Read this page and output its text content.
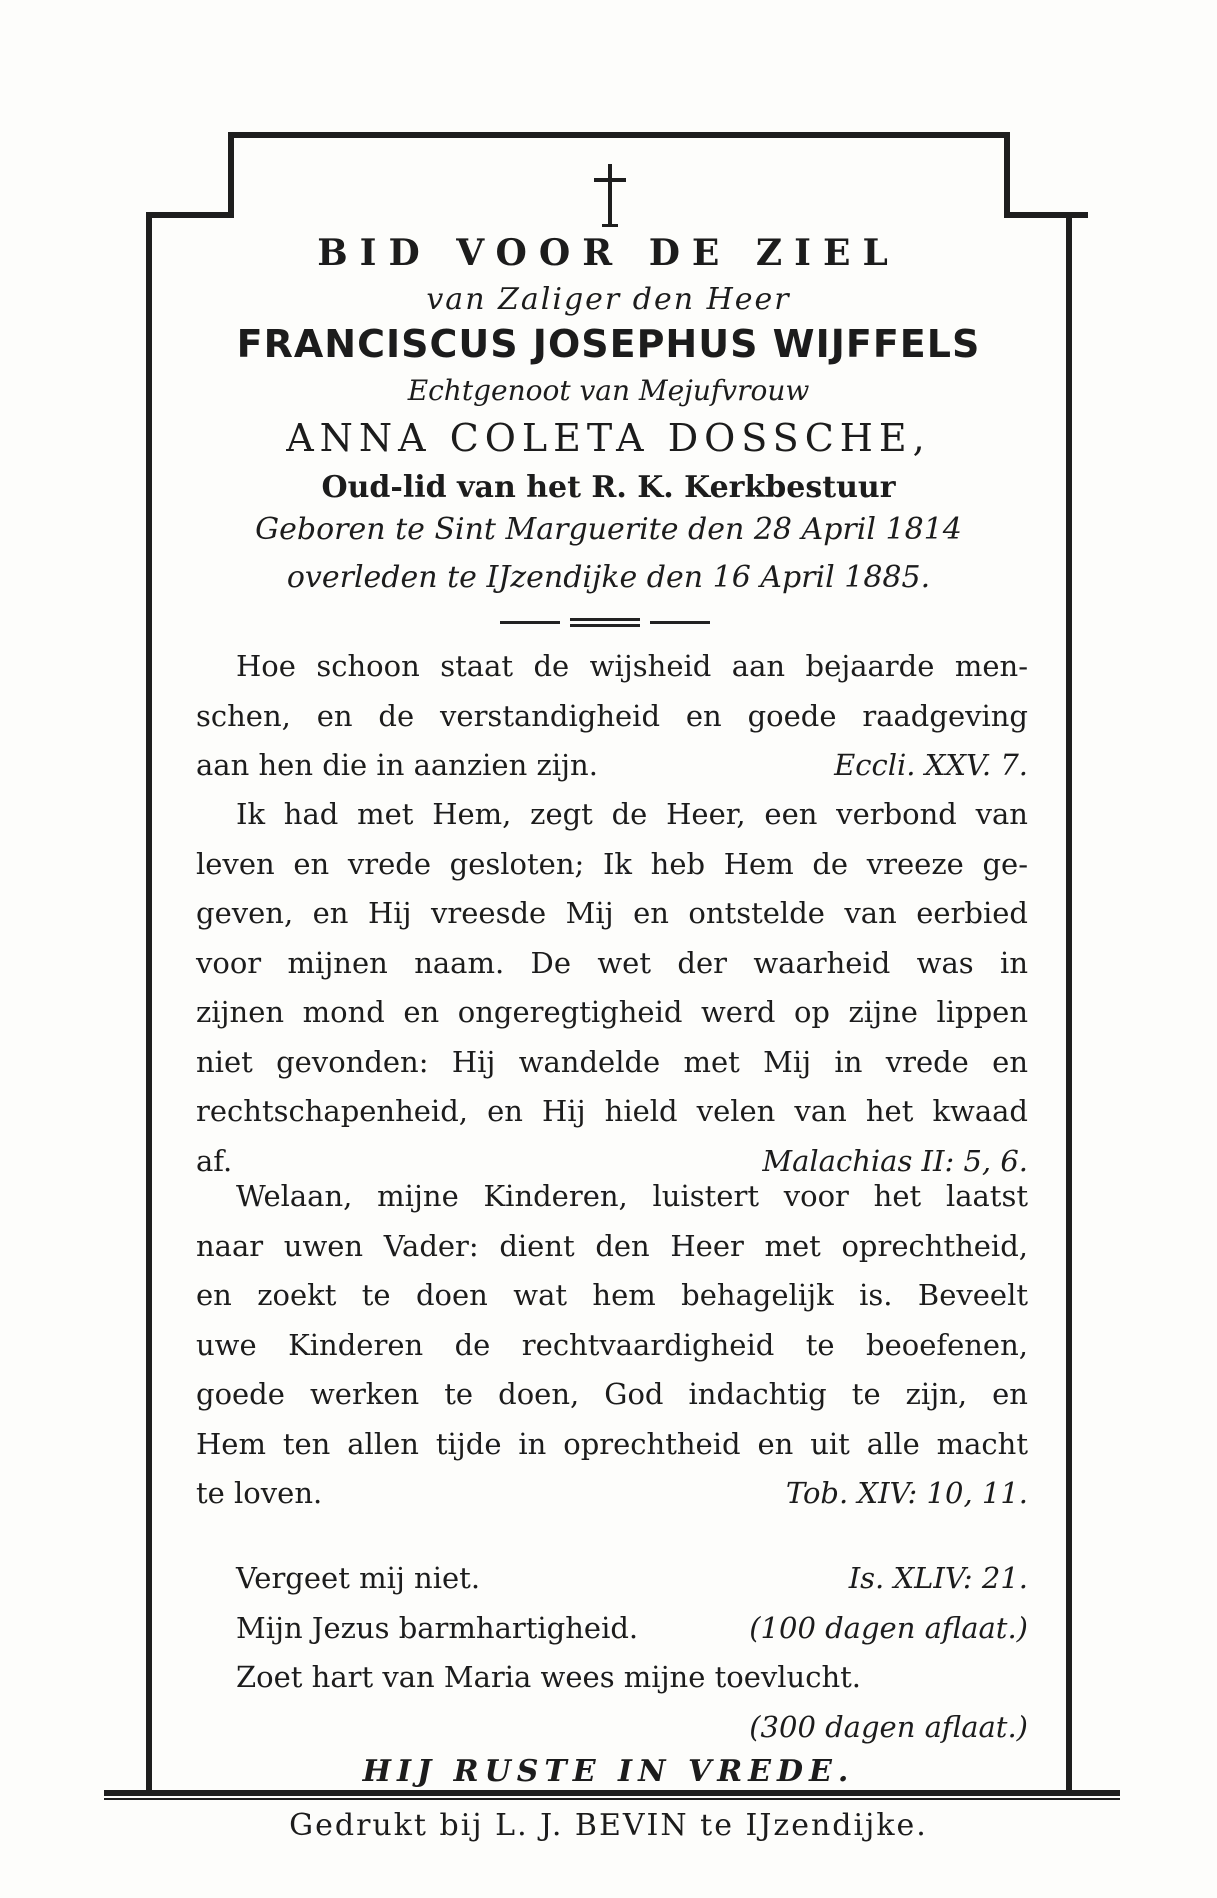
BID VOOR DE ZIEL
van Zaliger den Heer
FRANCISCUS JOSEPHUS WIJFFELS
Echtgenoot van Mejufvrouw
ANNA COLETA DOSSCHE,
Oud-lid van het R. K. Kerkbestuur
Geboren te Sint Marguerite den 28 April 1814
overleden te IJzendijke den 16 April 1885.
Hoe schoon staat de wijsheid aan bejaarde men-
schen, en de verstandigheid en goede raadgeving
aan hen die in aanzien zijn.	Eccli. XXV. 7.
Ik had met Hem, zegt de Heer, een verbond van
leven en vrede gesloten; Ik heb Hem de vreeze ge-
geven, en Hij vreesde Mij en ontstelde van eerbied
voor mijnen naam. De wet der waarheid was in
zijnen mond en ongeregtigheid werd op zijne lippen
niet gevonden: Hij wandelde met Mij in vrede en
rechtschapenheid, en Hij hield velen van het kwaad
af.	Malachias II: 5, 6.
Welaan, mijne Kinderen, luistert voor het laatst
naar uwen Vader: dient den Heer met oprechtheid,
en zoekt te doen wat hem behagelijk is. Beveelt
uwe Kinderen de rechtvaardigheid te beoefenen,
goede werken te doen, God indachtig te zijn, en
Hem ten allen tijde in oprechtheid en uit alle macht
te loven.	Tob. XIV: 10, 11.
Vergeet mij niet.	Is. XLIV: 21.
Mijn Jezus barmhartigheid.	(100 dagen aflaat.)
Zoet hart van Maria wees mijne toevlucht.
(300 dagen aflaat.)
HIJ RUSTE IN VREDE.
Gedrukt bij L. J. BEVIN te IJzendijke.
